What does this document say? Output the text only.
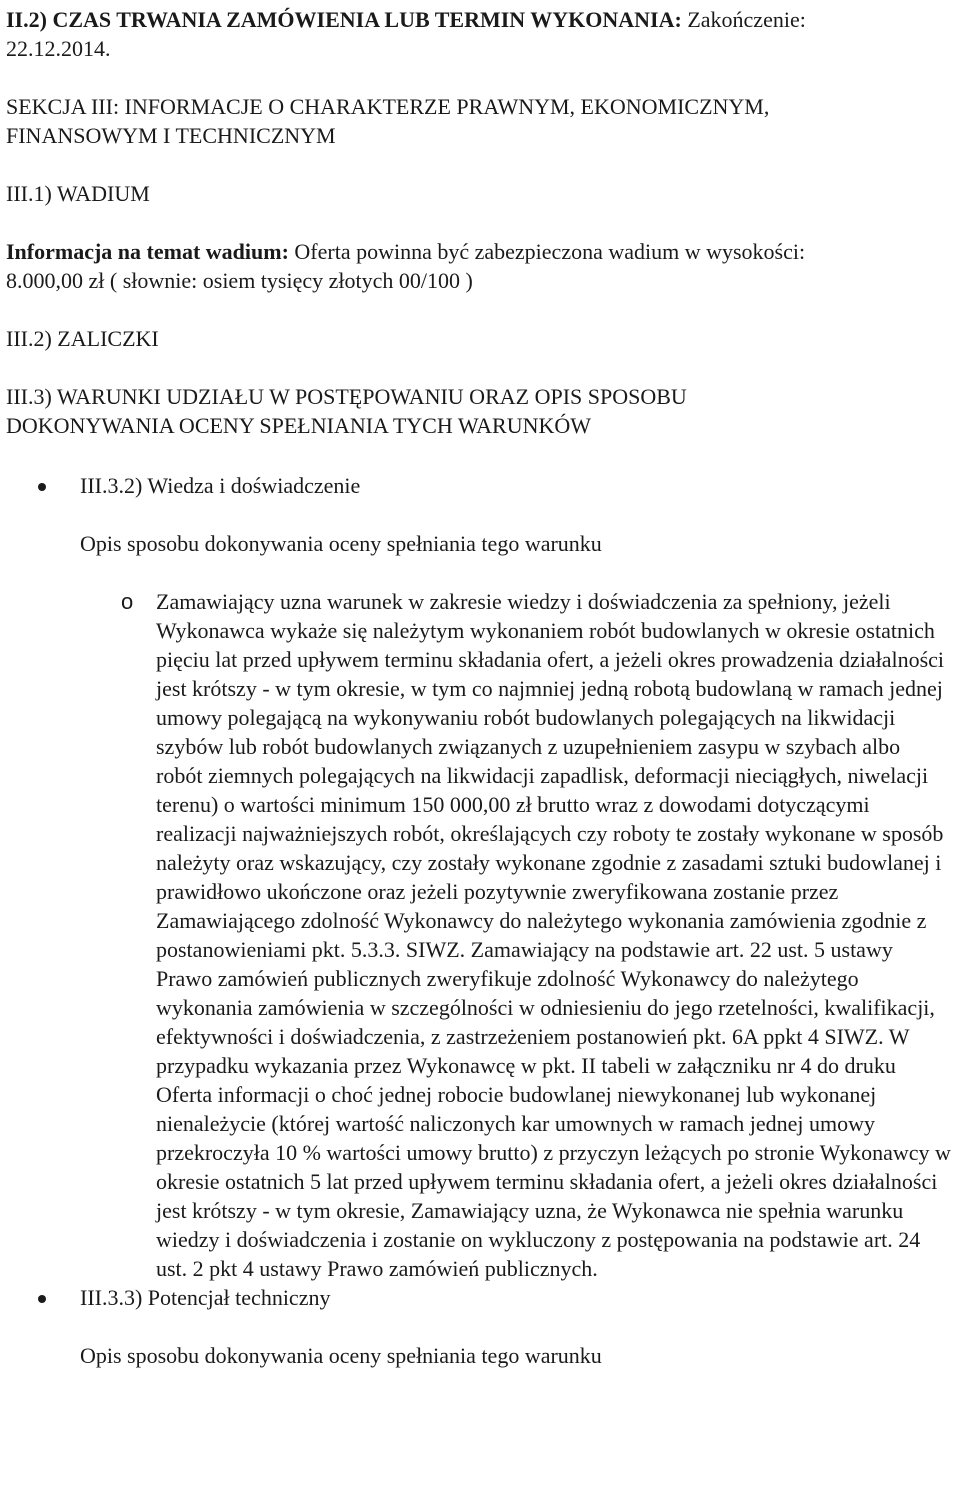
II.2) CZAS TRWANIA ZAMÓWIENIA LUB TERMIN WYKONANIA: Zakończenie:
22.12.2014.

SEKCJA III: INFORMACJE O CHARAKTERZE PRAWNYM, EKONOMICZNYM,
FINANSOWYM I TECHNICZNYM

III.1) WADIUM

Informacja na temat wadium: Oferta powinna być zabezpieczona wadium w wysokości:
8.000,00 zł ( słownie: osiem tysięcy złotych 00/100 )

III.2) ZALICZKI

III.3) WARUNKI UDZIAŁU W POSTĘPOWANIU ORAZ OPIS SPOSOBU
DOKONYWANIA OCENY SPEŁNIANIA TYCH WARUNKÓW

III.3.2) Wiedza i doświadczenie

Opis sposobu dokonywania oceny spełniania tego warunku

o Zamawiający uzna warunek w zakresie wiedzy i doświadczenia za spełniony, jeżeli Wykonawca wykaże się należytym wykonaniem robót budowlanych w okresie ostatnich pięciu lat przed upływem terminu składania ofert, a jeżeli okres prowadzenia działalności jest krótszy - w tym okresie, w tym co najmniej jedną robotą budowlaną w ramach jednej umowy polegającą na wykonywaniu robót budowlanych polegających na likwidacji szybów lub robót budowlanych związanych z uzupełnieniem zasypu w szybach albo robót ziemnych polegających na likwidacji zapadlisk, deformacji nieciągłych, niwelacji terenu) o wartości minimum 150 000,00 zł brutto wraz z dowodami dotyczącymi realizacji najważniejszych robót, określających czy roboty te zostały wykonane w sposób należyty oraz wskazujący, czy zostały wykonane zgodnie z zasadami sztuki budowlanej i prawidłowo ukończone oraz jeżeli pozytywnie zweryfikowana zostanie przez Zamawiającego zdolność Wykonawcy do należytego wykonania zamówienia zgodnie z postanowieniami pkt. 5.3.3. SIWZ. Zamawiający na podstawie art. 22 ust. 5 ustawy Prawo zamówień publicznych zweryfikuje zdolność Wykonawcy do należytego wykonania zamówienia w szczególności w odniesieniu do jego rzetelności, kwalifikacji, efektywności i doświadczenia, z zastrzeżeniem postanowień pkt. 6A ppkt 4 SIWZ. W przypadku wykazania przez Wykonawcę w pkt. II tabeli w załączniku nr 4 do druku Oferta informacji o choć jednej robocie budowlanej niewykonanej lub wykonanej nienależycie (której wartość naliczonych kar umownych w ramach jednej umowy przekroczyła 10 % wartości umowy brutto) z przyczyn leżących po stronie Wykonawcy w okresie ostatnich 5 lat przed upływem terminu składania ofert, a jeżeli okres działalności jest krótszy - w tym okresie, Zamawiający uzna, że Wykonawca nie spełnia warunku wiedzy i doświadczenia i zostanie on wykluczony z postępowania na podstawie art. 24 ust. 2 pkt 4 ustawy Prawo zamówień publicznych.

III.3.3) Potencjał techniczny

Opis sposobu dokonywania oceny spełniania tego warunku
